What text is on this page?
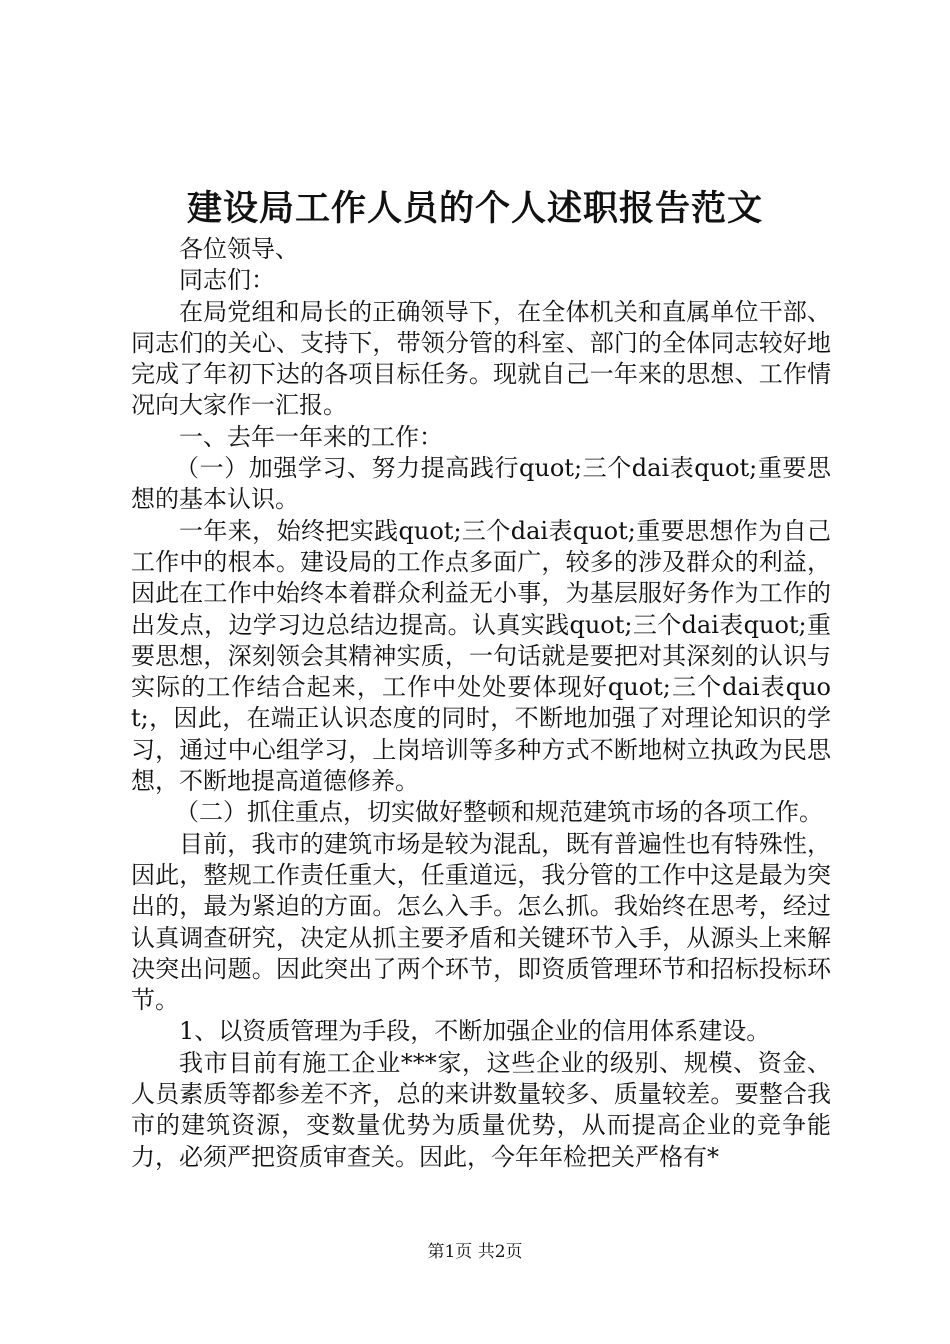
建设局工作人员的个人述职报告范文

各位领导、

同志们：

在局党组和局长的正确领导下，在全体机关和直属单位干部、同志们的关心、支持下，带领分管的科室、部门的全体同志较好地完成了年初下达的各项目标任务。现就自己一年来的思想、工作情况向大家作一汇报。

一、去年一年来的工作：

（一）加强学习、努力提高践行quot;三个dai表quot;重要思想的基本认识。

一年来，始终把实践quot;三个dai表quot;重要思想作为自己工作中的根本。建设局的工作点多面广，较多的涉及群众的利益，因此在工作中始终本着群众利益无小事，为基层服好务作为工作的出发点，边学习边总结边提高。认真实践quot;三个dai表quot;重要思想，深刻领会其精神实质，一句话就是要把对其深刻的认识与实际的工作结合起来，工作中处处要体现好quot;三个dai表quot;，因此，在端正认识态度的同时，不断地加强了对理论知识的学习，通过中心组学习，上岗培训等多种方式不断地树立执政为民思想，不断地提高道德修养。

（二）抓住重点，切实做好整顿和规范建筑市场的各项工作。

目前，我市的建筑市场是较为混乱，既有普遍性也有特殊性，因此，整规工作责任重大，任重道远，我分管的工作中这是最为突出的，最为紧迫的方面。怎么入手。怎么抓。我始终在思考，经过认真调查研究，决定从抓主要矛盾和关键环节入手，从源头上来解决突出问题。因此突出了两个环节，即资质管理环节和招标投标环节。

1、以资质管理为手段，不断加强企业的信用体系建设。

我市目前有施工企业***家，这些企业的级别、规模、资金、人员素质等都参差不齐，总的来讲数量较多、质量较差。要整合我市的建筑资源，变数量优势为质量优势，从而提高企业的竞争能力，必须严把资质审查关。因此，今年年检把关严格有*

第1页 共2页
